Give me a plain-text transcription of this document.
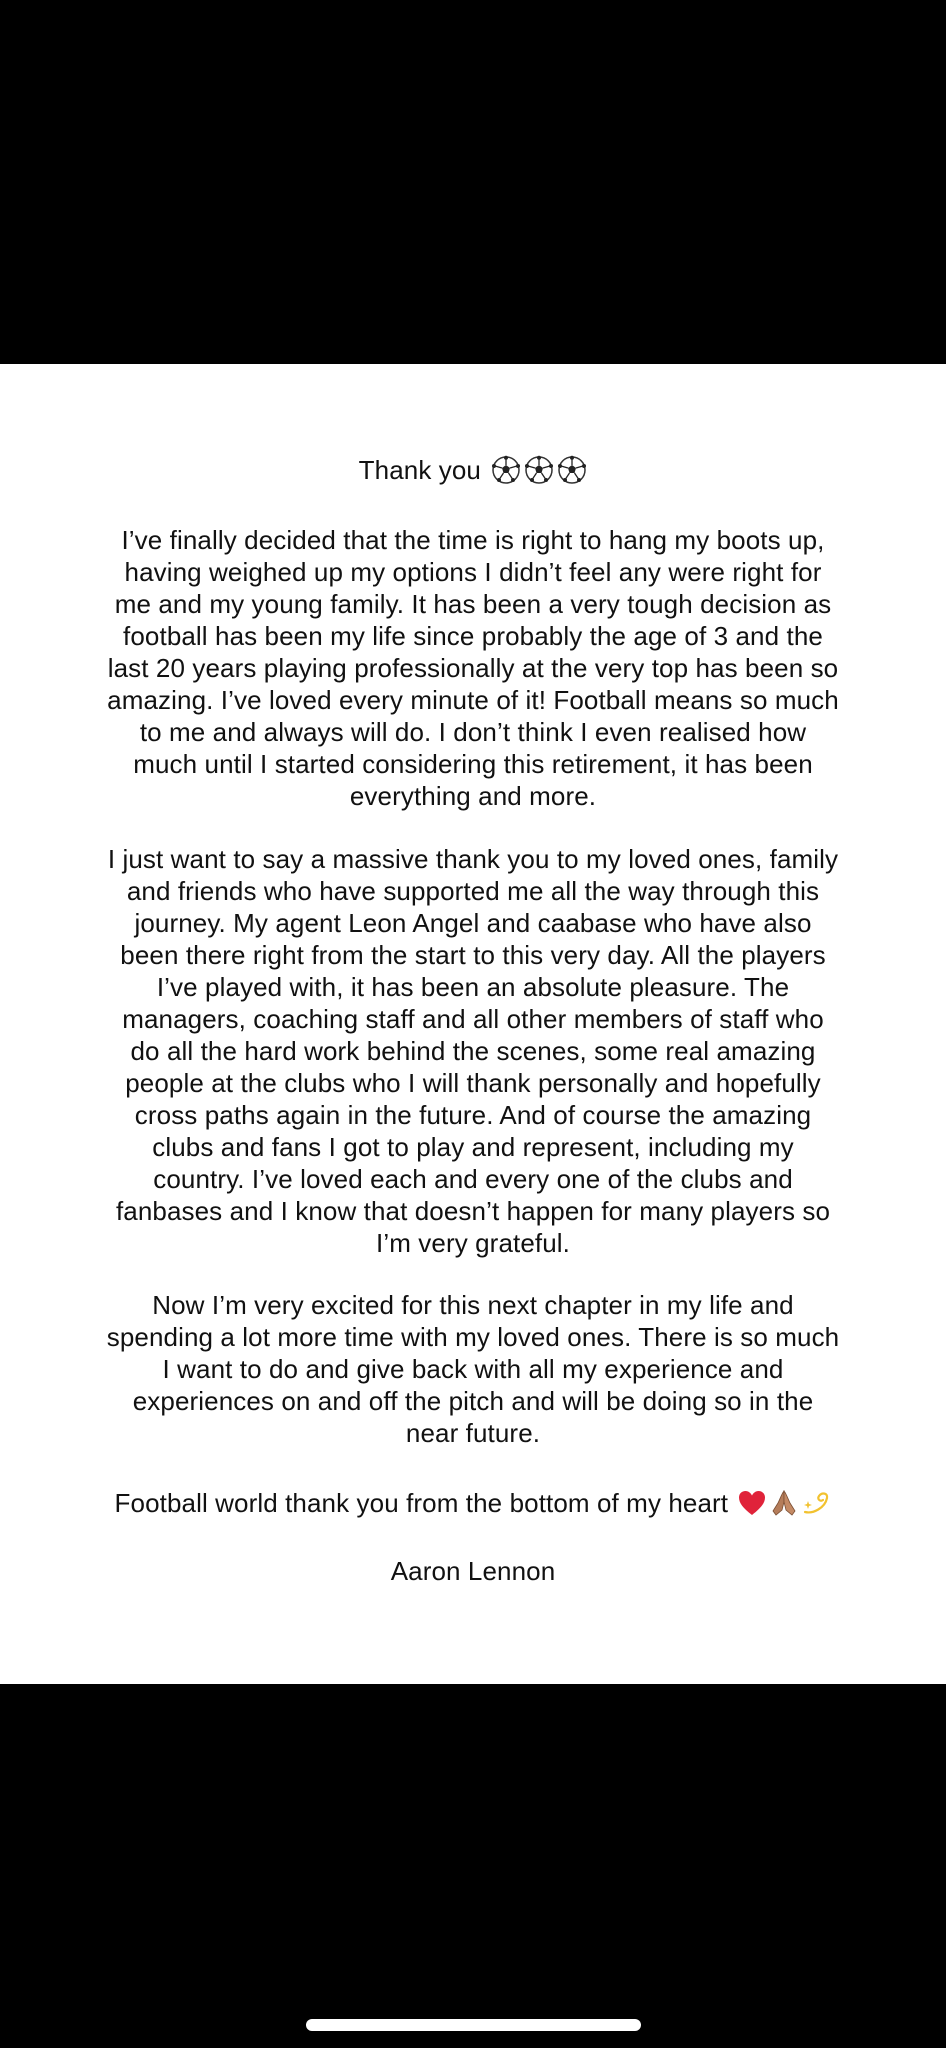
Thank you
I’ve finally decided that the time is right to hang my boots up,
having weighed up my options I didn’t feel any were right for
me and my young family. It has been a very tough decision as
football has been my life since probably the age of 3 and the
last 20 years playing professionally at the very top has been so
amazing. I’ve loved every minute of it! Football means so much
to me and always will do. I don’t think I even realised how
much until I started considering this retirement, it has been
everything and more.
I just want to say a massive thank you to my loved ones, family
and friends who have supported me all the way through this
journey. My agent Leon Angel and caabase who have also
been there right from the start to this very day. All the players
I’ve played with, it has been an absolute pleasure. The
managers, coaching staff and all other members of staff who
do all the hard work behind the scenes, some real amazing
people at the clubs who I will thank personally and hopefully
cross paths again in the future. And of course the amazing
clubs and fans I got to play and represent, including my
country. I’ve loved each and every one of the clubs and
fanbases and I know that doesn’t happen for many players so
I’m very grateful.
Now I’m very excited for this next chapter in my life and
spending a lot more time with my loved ones. There is so much
I want to do and give back with all my experience and
experiences on and off the pitch and will be doing so in the
near future.
Football world thank you from the bottom of my heart
Aaron Lennon
